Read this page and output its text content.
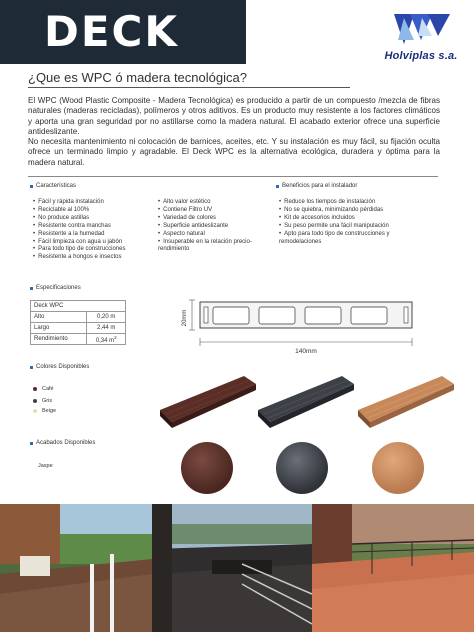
DECK	Holviplas s.a.
¿Que es WPC ó madera tecnológica?

El WPC (Wood Plastic Composite - Madera Tecnológica) es producido a partir de un compuesto /mezcla de fibras naturales (maderas recicladas), polímeros y otros aditivos. Es un producto muy resistente a los factores climáticos y aporta una gran seguridad por no astillarse como la madera natural. El acabado exterior ofrece una superficie antideslizante.

No necesita mantenimiento ni colocación de barnices, aceites, etc. Y su instalación es muy fácil, su fijación oculta ofrece un terminado limpio y agradable. El Deck WPC es la alternativa ecológica, duradera y óptima para la madera natural.

Características
• Fácil y rápida instalación
• Reciclable al 100%
• No produce astillas
• Resistente contra manchas
• Resistente a la humedad
• Fácil limpieza con agua u jabón
• Para todo tipo de construcciones
• Resistente a hongos e insectos
• Alto valor estético
• Contiene Filtro UV
• Variedad de colores
• Superficie antideslizante
• Aspecto natural
• Insuperable en la relación precio-rendimiento
Beneficios para el instalador
• Reduce los tiempos de instalación
• No se quiebra, minimizando pérdidas
• Kit de accesorios incluidos
• Su peso permite una fácil manipulación
• Apto para todo tipo de construcciones y remodelaciones
Especificaciones
Deck WPC	
Alto	0,20 m
Largo	2,44 m
Rendimiento	0,34 $m^2$
20mm
140mm
Colores Disponibles
Café
Gris
Beige
Acabados Disponibles
Jaspe
